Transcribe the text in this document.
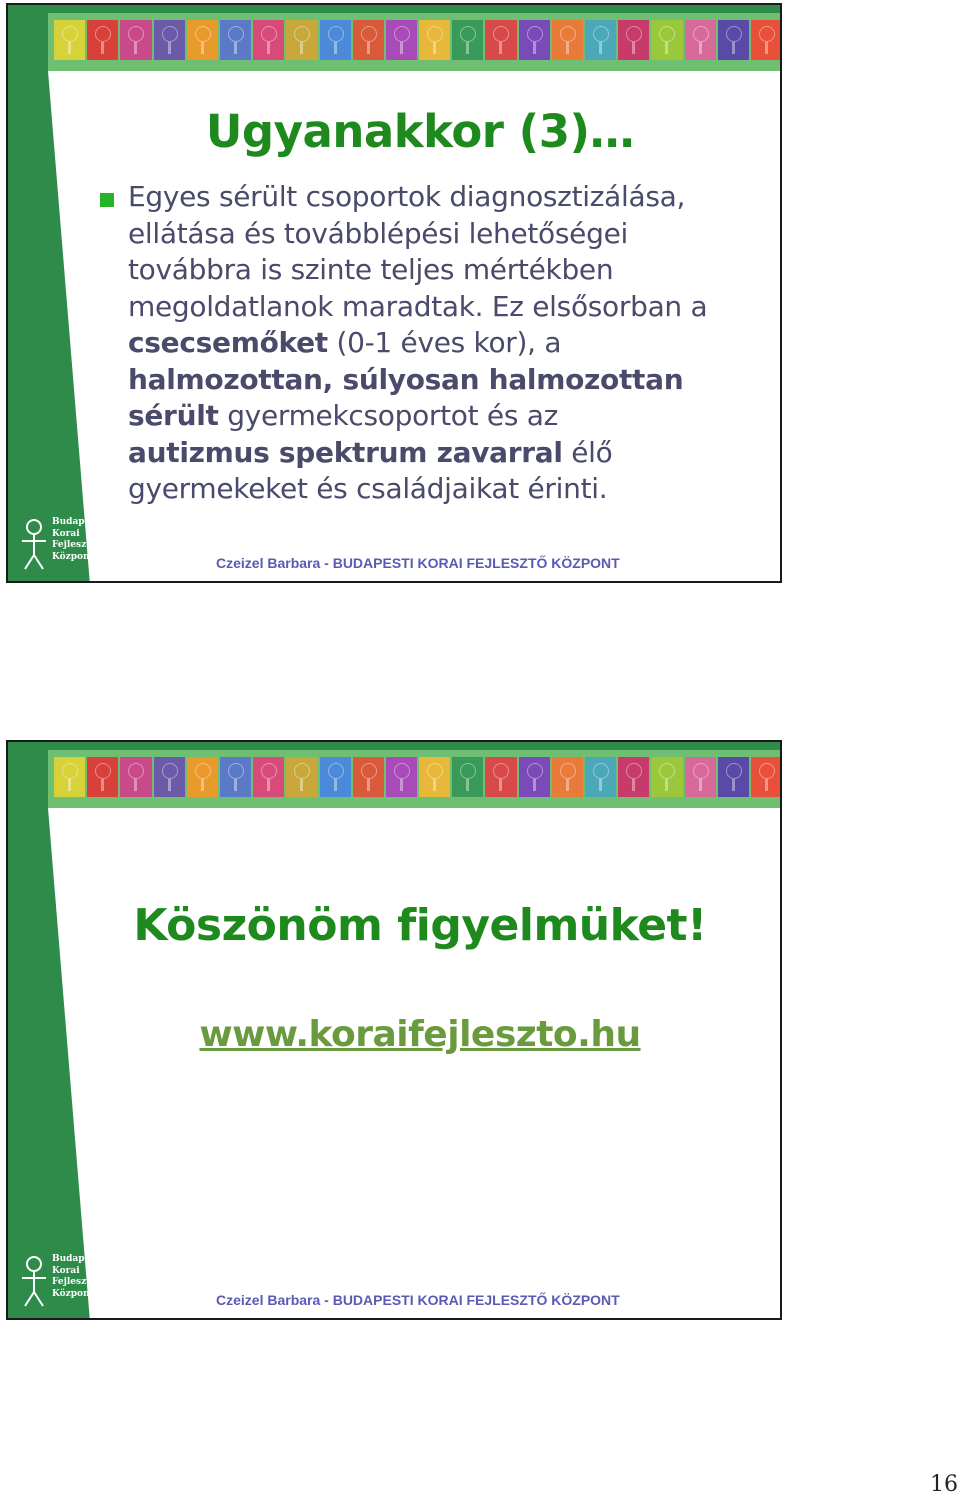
Ugyanakkor (3)…

Egyes sérült csoportok diagnosztizálása, ellátása és továbblépési lehetőségei továbbra is szinte teljes mértékben megoldatlanok maradtak. Ez elsősorban a csecsemőket (0-1 éves kor), a halmozottan, súlyosan halmozottan sérült gyermekcsoportot és az autizmus spektrum zavarral élő gyermekeket és családjaikat érinti.

Budapesti
Korai
Fejlesztő
Központ	Czeizel Barbara - BUDAPESTI KORAI FEJLESZTŐ KÖZPONT
Köszönöm figyelmüket!
www.koraifejleszto.hu
Budapesti
Korai
Fejlesztő
Központ	Czeizel Barbara - BUDAPESTI KORAI FEJLESZTŐ KÖZPONT
16
